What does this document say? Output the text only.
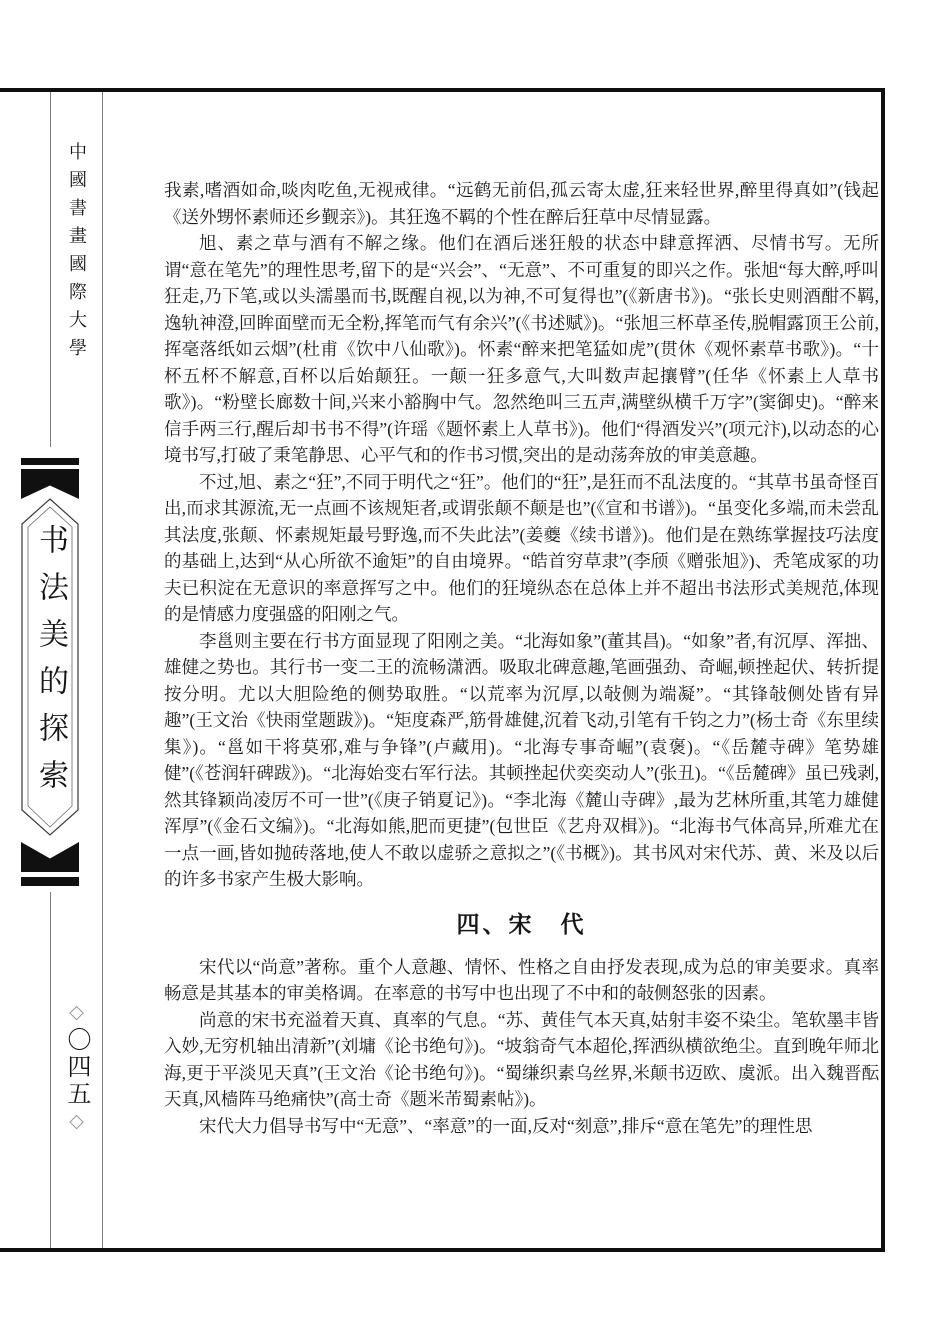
中國書畫國際大學
书法美的探索
◇
〇四五
◇

我素,嗜酒如命,啖肉吃鱼,无视戒律。“远鹤无前侣,孤云寄太虚,狂来轻世界,醉里得真如”(钱起《送外甥怀素师还乡觐亲》)。其狂逸不羁的个性在醉后狂草中尽情显露。

旭、素之草与酒有不解之缘。他们在酒后迷狂般的状态中肆意挥洒、尽情书写。无所谓“意在笔先”的理性思考,留下的是“兴会”、“无意”、不可重复的即兴之作。张旭“每大醉,呼叫狂走,乃下笔,或以头濡墨而书,既醒自视,以为神,不可复得也”(《新唐书》)。“张长史则酒酣不羁,逸轨神澄,回眸面壁而无全粉,挥笔而气有余兴”(《书述赋》)。“张旭三杯草圣传,脱帽露顶王公前,挥毫落纸如云烟”(杜甫《饮中八仙歌》)。怀素“醉来把笔猛如虎”(贯休《观怀素草书歌》)。“十杯五杯不解意,百杯以后始颠狂。一颠一狂多意气,大叫数声起攘臂”(任华《怀素上人草书歌》)。“粉壁长廊数十间,兴来小豁胸中气。忽然绝叫三五声,满壁纵横千万字”(窦御史)。“醉来信手两三行,醒后却书书不得”(许瑶《题怀素上人草书》)。他们“得酒发兴”(项元汴),以动态的心境书写,打破了秉笔静思、心平气和的作书习惯,突出的是动荡奔放的审美意趣。

不过,旭、素之“狂”,不同于明代之“狂”。他们的“狂”,是狂而不乱法度的。“其草书虽奇怪百出,而求其源流,无一点画不该规矩者,或谓张颠不颠是也”(《宣和书谱》)。“虽变化多端,而未尝乱其法度,张颠、怀素规矩最号野逸,而不失此法”(姜夔《续书谱》)。他们是在熟练掌握技巧法度的基础上,达到“从心所欲不逾矩”的自由境界。“皓首穷草隶”(李颀《赠张旭》)、秃笔成冢的功夫已积淀在无意识的率意挥写之中。他们的狂境纵态在总体上并不超出书法形式美规范,体现的是情感力度强盛的阳刚之气。

李邕则主要在行书方面显现了阳刚之美。“北海如象”(董其昌)。“如象”者,有沉厚、浑拙、雄健之势也。其行书一变二王的流畅潇洒。吸取北碑意趣,笔画强劲、奇崛,顿挫起伏、转折提按分明。尤以大胆险绝的侧势取胜。“以荒率为沉厚,以敧侧为端凝”。“其锋敧侧处皆有异趣”(王文治《快雨堂题跋》)。“矩度森严,筋骨雄健,沉着飞动,引笔有千钧之力”(杨士奇《东里续集》)。“邕如干将莫邪,难与争锋”(卢藏用)。“北海专事奇崛”(袁褒)。“《岳麓寺碑》笔势雄健”(《苍润轩碑跋》)。“北海始变右军行法。其顿挫起伏奕奕动人”(张丑)。“《岳麓碑》虽已残剥,然其锋颖尚凌厉不可一世”(《庚子销夏记》)。“李北海《麓山寺碑》,最为艺林所重,其笔力雄健浑厚”(《金石文编》)。“北海如熊,肥而更捷”(包世臣《艺舟双楫》)。“北海书气体高异,所难尤在一点一画,皆如抛砖落地,使人不敢以虚骄之意拟之”(《书概》)。其书风对宋代苏、黄、米及以后的许多书家产生极大影响。

四、宋　代

宋代以“尚意”著称。重个人意趣、情怀、性格之自由抒发表现,成为总的审美要求。真率畅意是其基本的审美格调。在率意的书写中也出现了不中和的敧侧怒张的因素。

尚意的宋书充溢着天真、真率的气息。“苏、黄佳气本天真,姑射丰姿不染尘。笔软墨丰皆入妙,无穷机轴出清新”(刘墉《论书绝句》)。“坡翁奇气本超伦,挥洒纵横欲绝尘。直到晚年师北海,更于平淡见天真”(王文治《论书绝句》)。“蜀缣织素乌丝界,米颠书迈欧、虞派。出入魏晋酝天真,风樯阵马绝痛快”(高士奇《题米芾蜀素帖》)。

宋代大力倡导书写中“无意”、“率意”的一面,反对“刻意”,排斥“意在笔先”的理性思
